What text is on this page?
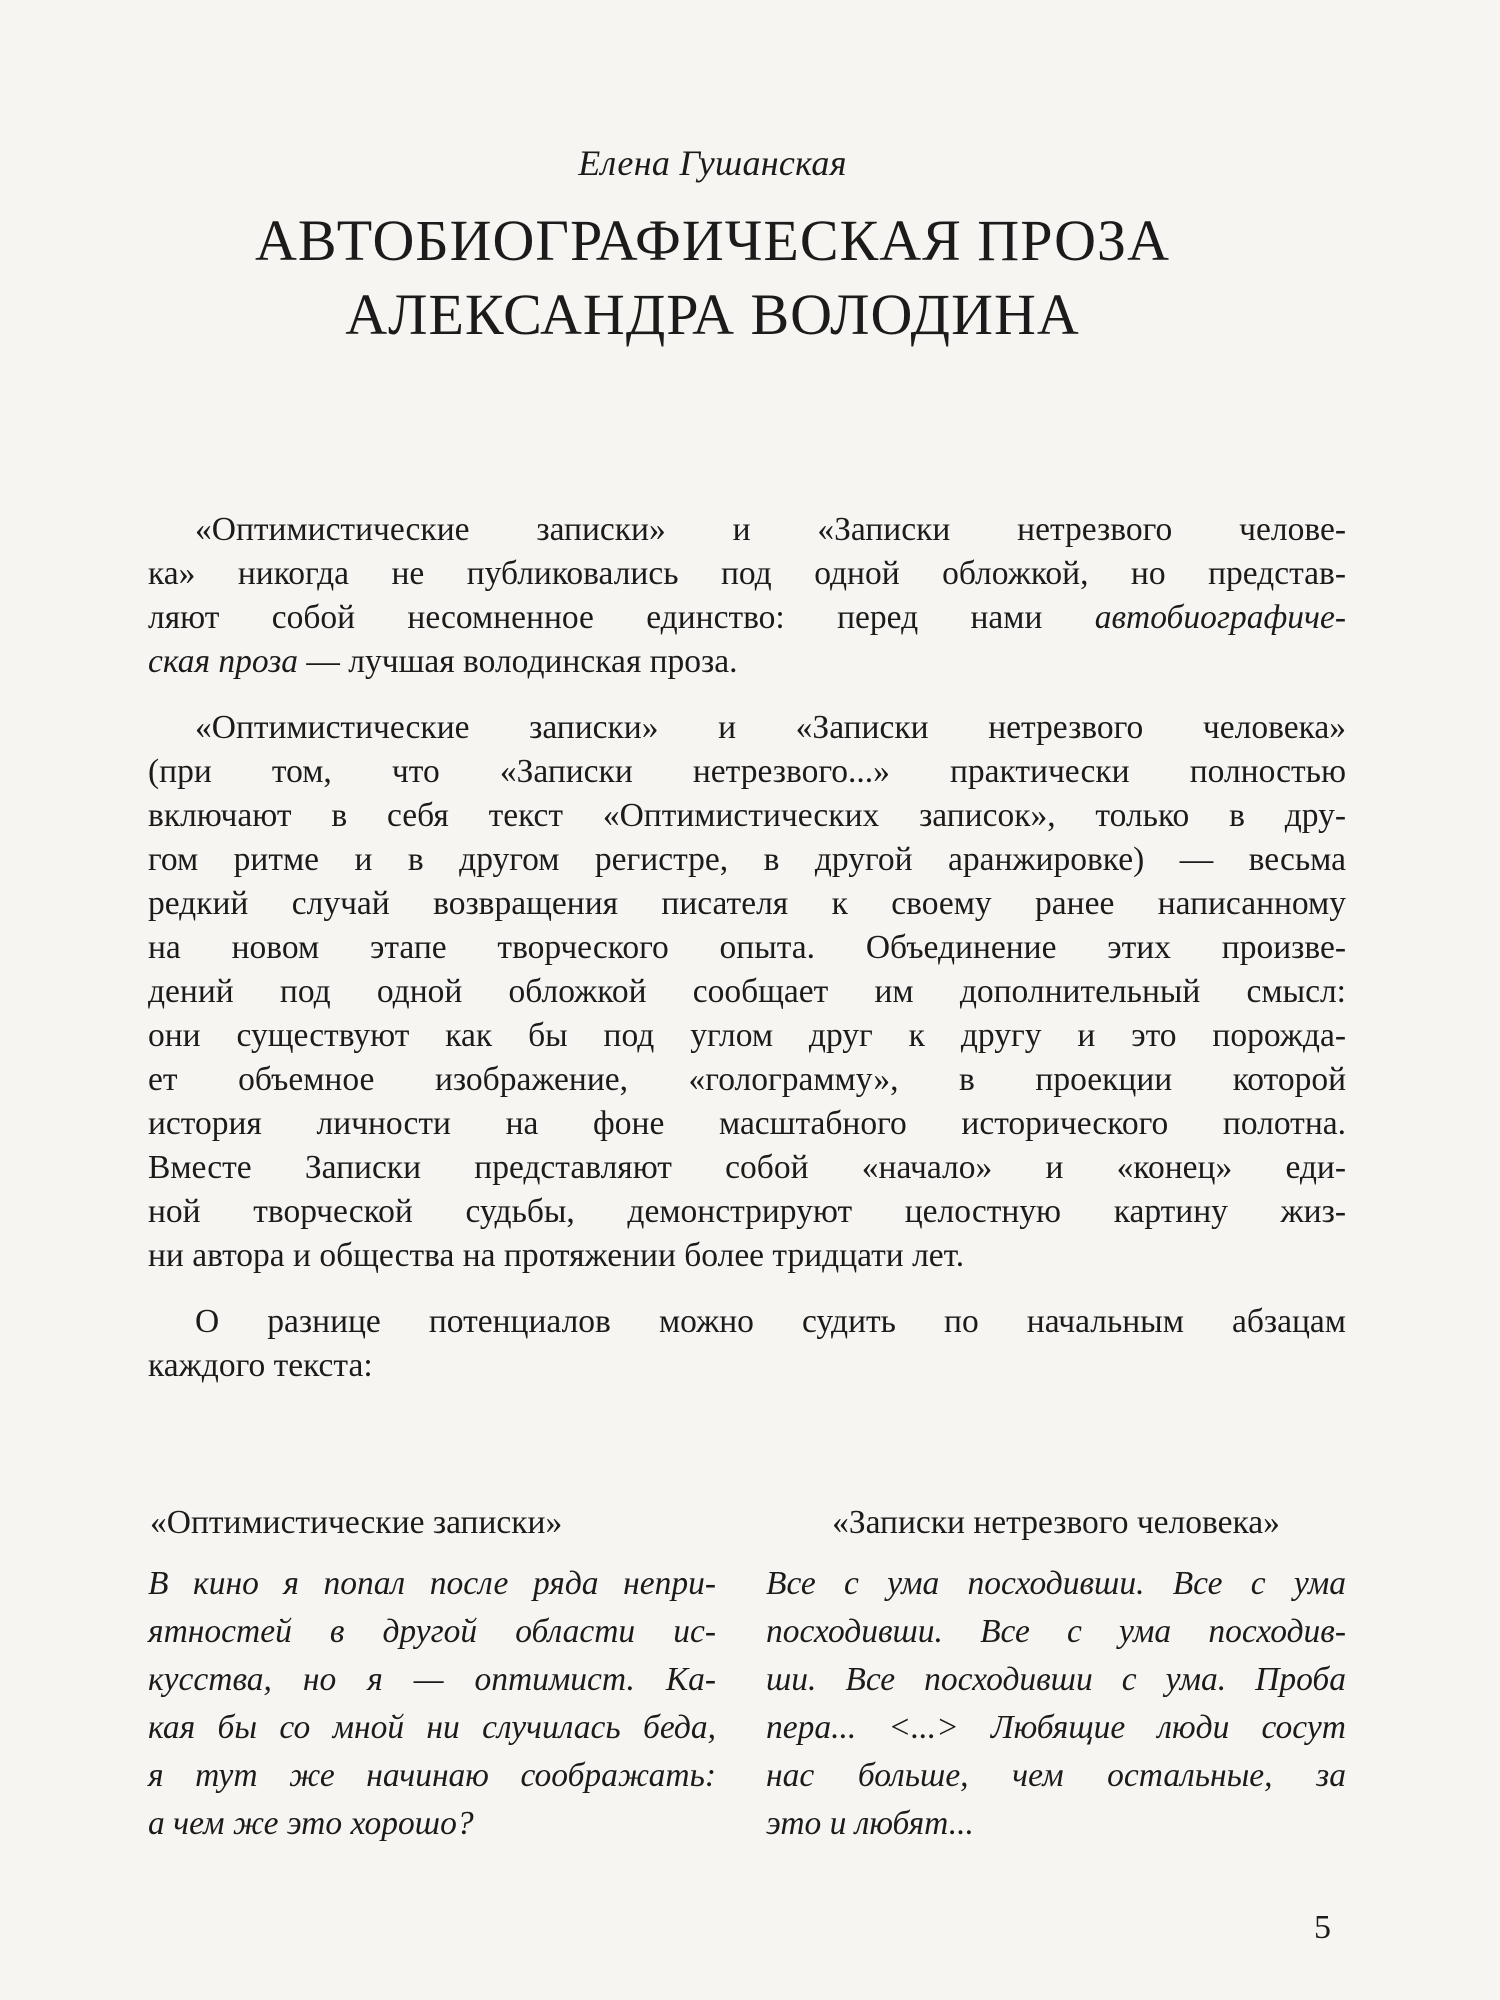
Елена Гушанская
АВТОБИОГРАФИЧЕСКАЯ ПРОЗА
АЛЕКСАНДРА ВОЛОДИНА
«Оптимистические записки» и «Записки нетрезвого челове-
ка» никогда не публиковались под одной обложкой, но представ-
ляют собой несомненное единство: перед нами автобиографиче-
ская проза — лучшая володинская проза.
«Оптимистические записки» и «Записки нетрезвого человека»
(при том, что «Записки нетрезвого...» практически полностью
включают в себя текст «Оптимистических записок», только в дру-
гом ритме и в другом регистре, в другой аранжировке) — весьма
редкий случай возвращения писателя к своему ранее написанному
на новом этапе творческого опыта. Объединение этих произве-
дений под одной обложкой сообщает им дополнительный смысл:
они существуют как бы под углом друг к другу и это порожда-
ет объемное изображение, «голограмму», в проекции которой
история личности на фоне масштабного исторического полотна.
Вместе Записки представляют собой «начало» и «конец» еди-
ной творческой судьбы, демонстрируют целостную картину жиз-
ни автора и общества на протяжении более тридцати лет.
О разнице потенциалов можно судить по начальным абзацам
каждого текста:
«Оптимистические записки»
В кино я попал после ряда непри-
ятностей в другой области ис-
кусства, но я — оптимист. Ка-
кая бы со мной ни случилась беда,
я тут же начинаю соображать:
а чем же это хорошо?
«Записки нетрезвого человека»
Все с ума посходивши. Все с ума
посходивши. Все с ума посходив-
ши. Все посходивши с ума. Проба
пера... <...> Любящие люди сосут
нас больше, чем остальные, за
это и любят...
5
